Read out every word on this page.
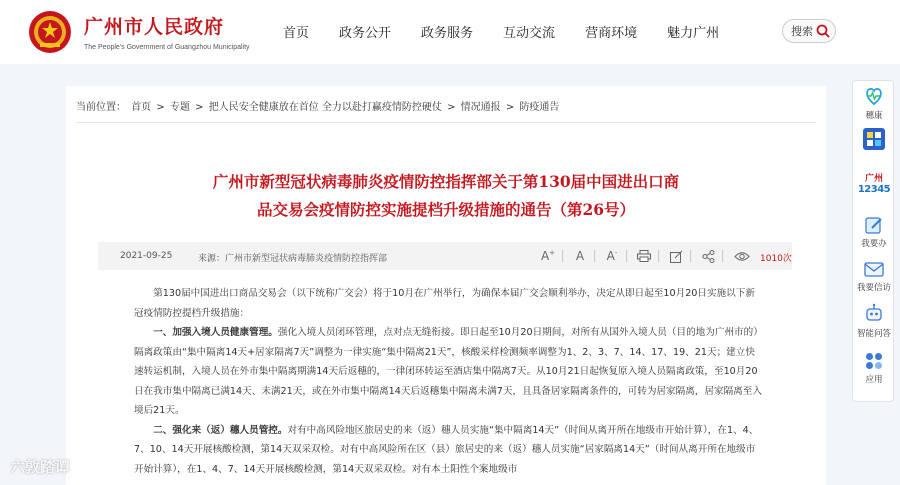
广州市人民政府
The People's Government of Guangzhou Municipality
首页 政务公开 政务服务 互动交流 营商环境 魅力广州	搜索
当前位置： 首页 > 专题 > 把人民安全健康放在首位 全力以赴打赢疫情防控硬仗 > 情况通报 > 防疫通告
广州市新型冠状病毒肺炎疫情防控指挥部关于第130届中国进出口商
品交易会疫情防控实施提档升级措施的通告（第26号）
2021-09-25	来源：广州市新型冠状病毒肺炎疫情防控指挥部	A+ A A-
1010次

第130届中国进出口商品交易会（以下统称广交会）将于10月在广州举行，为确保本届广交会顺利举办，决定从即日起至10月20日实施以下新冠疫情防控提档升级措施：

一、加强入境人员健康管理。强化入境人员闭环管理，点对点无缝衔接。即日起至10月20日期间，对所有从国外入境人员（目的地为广州市的）隔离政策由“集中隔离14天+居家隔离7天”调整为一律实施“集中隔离21天”，核酸采样检测频率调整为1、2、3、7、14、17、19、21天；建立快速转运机制，入境人员在外市集中隔离期满14天后返穗的，一律闭环转运至酒店集中隔离7天。从10月21日起恢复原入境人员隔离政策，至10月20日在我市集中隔离已满14天、未满21天，或在外市集中隔离14天后返穗集中隔离未满7天，且具备居家隔离条件的，可转为居家隔离，居家隔离至入境后21天。

二、强化来（返）穗人员管控。对有中高风险地区旅居史的来（返）穗人员实施“集中隔离14天”（时间从离开所在地级市开始计算），在1、4、7、10、14天开展核酸检测，第14天双采双检。对有中高风险所在区（县）旅居史的来（返）穗人员实施“居家隔离14天”（时间从离开所在地级市开始计算），在1、4、7、14天开展核酸检测，第14天双采双检。对有本土阳性个案地级市

穗康
广州
12345
我要办
我要信访
智能问答
应用
六敦踏谭
